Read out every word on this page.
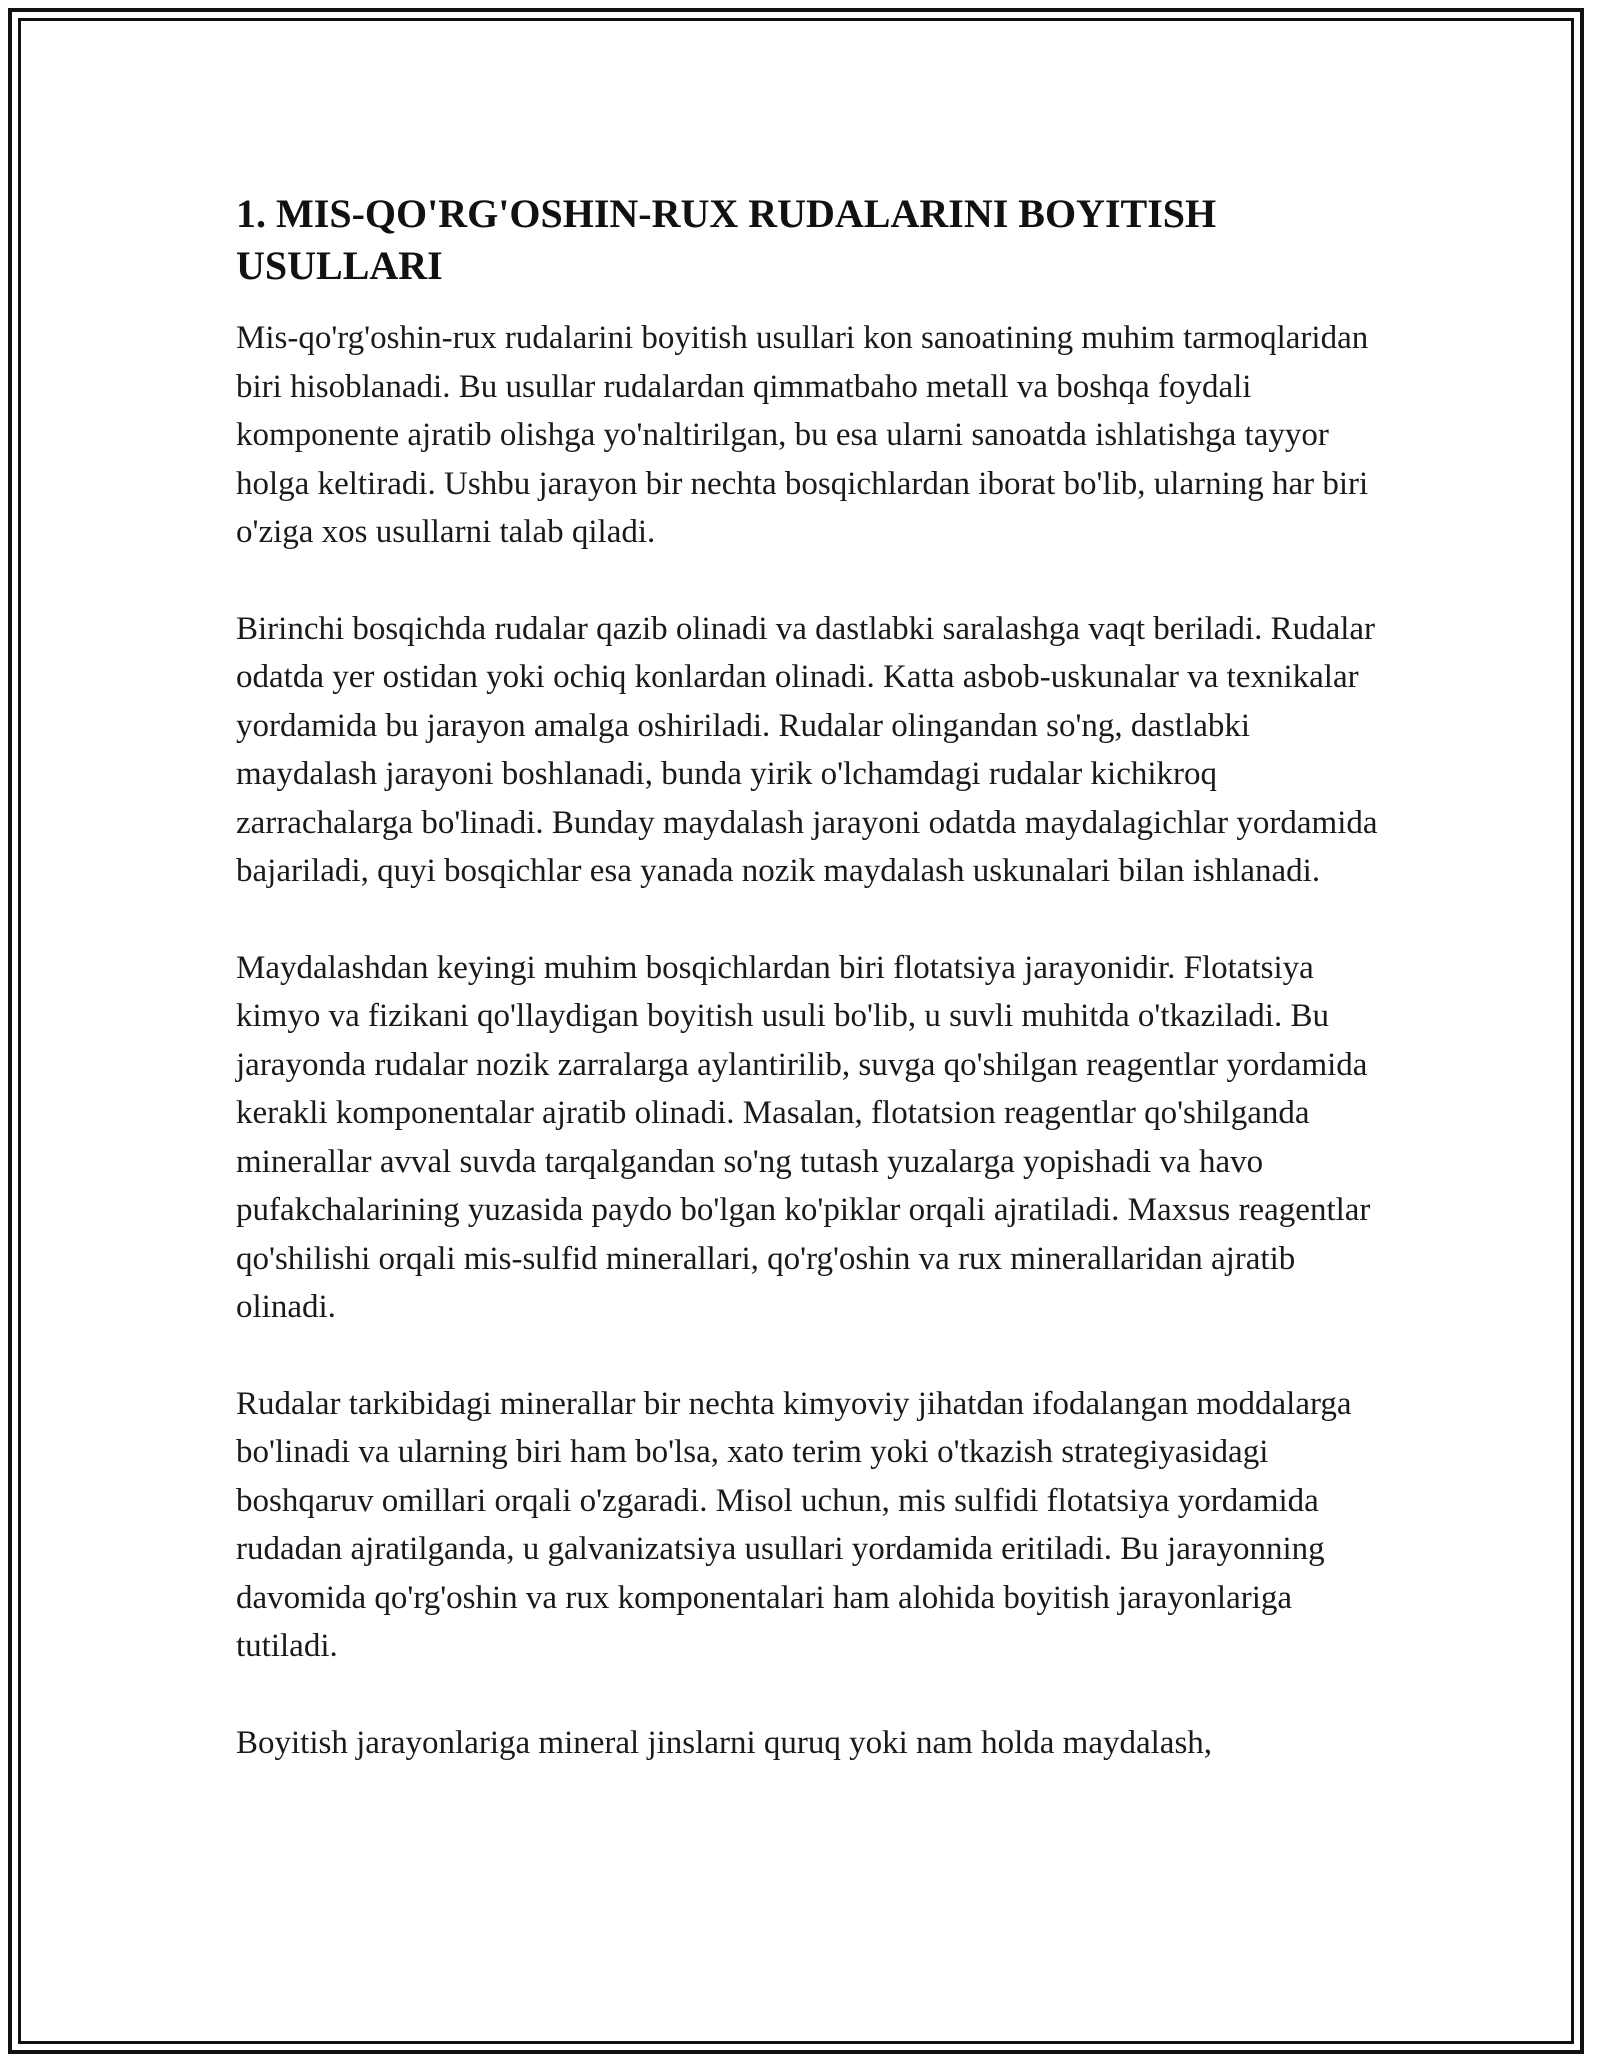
1. MIS-QO'RG'OSHIN-RUX RUDALARINI BOYITISH USULLARI

Mis-qo'rg'oshin-rux rudalarini boyitish usullari kon sanoatining muhim tarmoqlaridan biri hisoblanadi. Bu usullar rudalardan qimmatbaho metall va boshqa foydali komponente ajratib olishga yo'naltirilgan, bu esa ularni sanoatda ishlatishga tayyor holga keltiradi. Ushbu jarayon bir nechta bosqichlardan iborat bo'lib, ularning har biri o'ziga xos usullarni talab qiladi.

Birinchi bosqichda rudalar qazib olinadi va dastlabki saralashga vaqt beriladi. Rudalar odatda yer ostidan yoki ochiq konlardan olinadi. Katta asbob-uskunalar va texnikalar yordamida bu jarayon amalga oshiriladi. Rudalar olingandan so'ng, dastlabki maydalash jarayoni boshlanadi, bunda yirik o'lchamdagi rudalar kichikroq zarrachalarga bo'linadi. Bunday maydalash jarayoni odatda maydalagichlar yordamida bajariladi, quyi bosqichlar esa yanada nozik maydalash uskunalari bilan ishlanadi.

Maydalashdan keyingi muhim bosqichlardan biri flotatsiya jarayonidir. Flotatsiya kimyo va fizikani qo'llaydigan boyitish usuli bo'lib, u suvli muhitda o'tkaziladi. Bu jarayonda rudalar nozik zarralarga aylantirilib, suvga qo'shilgan reagentlar yordamida kerakli komponentalar ajratib olinadi. Masalan, flotatsion reagentlar qo'shilganda minerallar avval suvda tarqalgandan so'ng tutash yuzalarga yopishadi va havo pufakchalarining yuzasida paydo bo'lgan ko'piklar orqali ajratiladi. Maxsus reagentlar qo'shilishi orqali mis-sulfid minerallari, qo'rg'oshin va rux minerallaridan ajratib olinadi.

Rudalar tarkibidagi minerallar bir nechta kimyoviy jihatdan ifodalangan moddalarga bo'linadi va ularning biri ham bo'lsa, xato terim yoki o'tkazish strategiyasidagi boshqaruv omillari orqali o'zgaradi. Misol uchun, mis sulfidi flotatsiya yordamida rudadan ajratilganda, u galvanizatsiya usullari yordamida eritiladi. Bu jarayonning davomida qo'rg'oshin va rux komponentalari ham alohida boyitish jarayonlariga tutiladi.

Boyitish jarayonlariga mineral jinslarni quruq yoki nam holda maydalash,
